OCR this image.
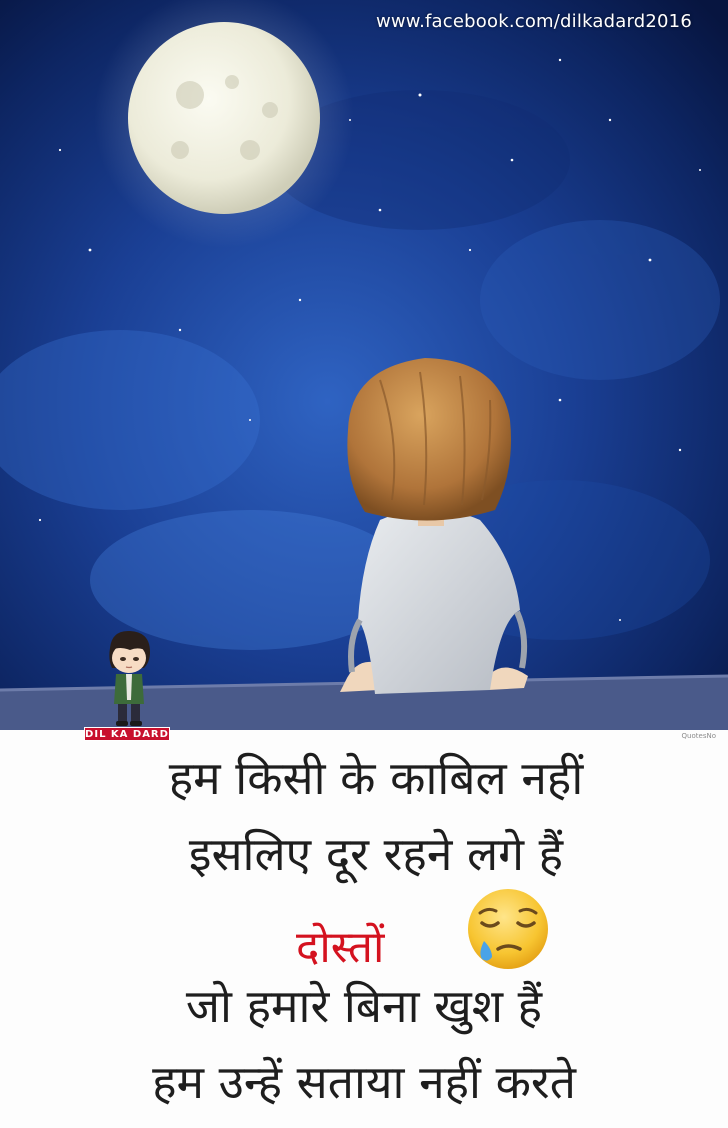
www.facebook.com/dilkadard2016
DIL KA DARD	QuotesNo
हम किसी के काबिल नहीं
इसलिए दूर रहने लगे हैं
जो हमारे बिना खुश हैं
हम उन्हें सताया नहीं करते
दोस्तों
